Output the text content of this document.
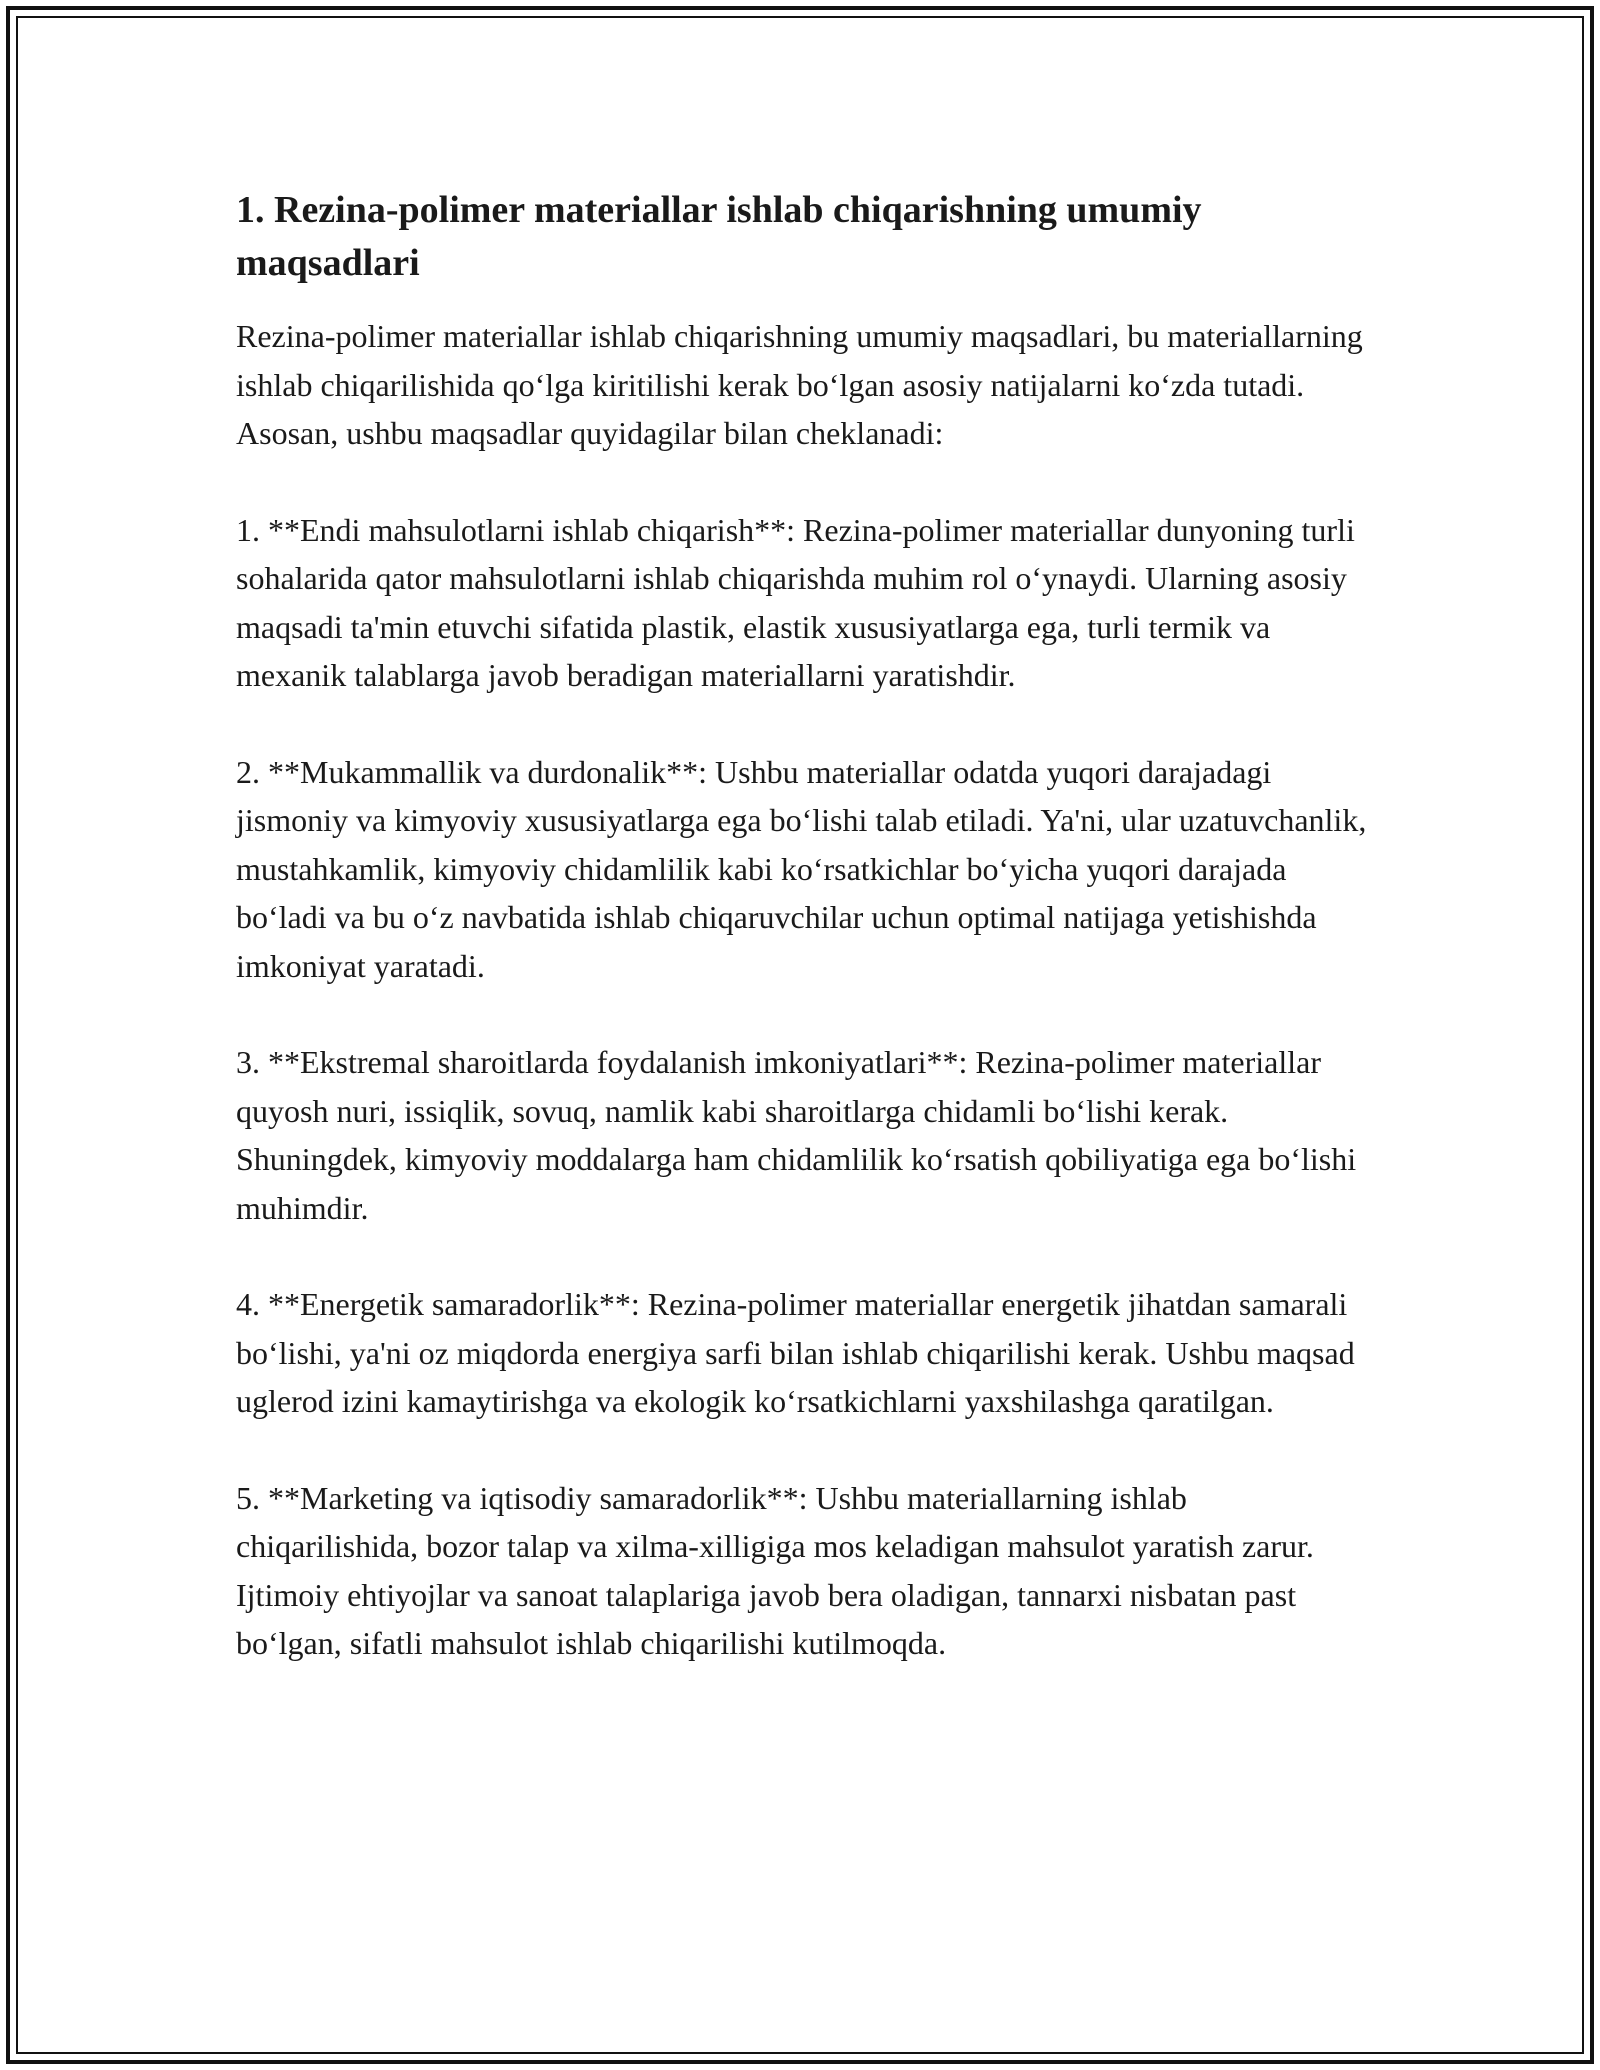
1. Rezina-polimer materiallar ishlab chiqarishning umumiy maqsadlari

Rezina-polimer materiallar ishlab chiqarishning umumiy maqsadlari, bu materiallarning ishlab chiqarilishida qo‘lga kiritilishi kerak bo‘lgan asosiy natijalarni ko‘zda tutadi. Asosan, ushbu maqsadlar quyidagilar bilan cheklanadi:

1. **Endi mahsulotlarni ishlab chiqarish**: Rezina-polimer materiallar dunyoning turli sohalarida qator mahsulotlarni ishlab chiqarishda muhim rol o‘ynaydi. Ularning asosiy maqsadi ta'min etuvchi sifatida plastik, elastik xususiyatlarga ega, turli termik va mexanik talablarga javob beradigan materiallarni yaratishdir.

2. **Mukammallik va durdonalik**: Ushbu materiallar odatda yuqori darajadagi jismoniy va kimyoviy xususiyatlarga ega bo‘lishi talab etiladi. Ya'ni, ular uzatuvchanlik, mustahkamlik, kimyoviy chidamlilik kabi ko‘rsatkichlar bo‘yicha yuqori darajada bo‘ladi va bu o‘z navbatida ishlab chiqaruvchilar uchun optimal natijaga yetishishda imkoniyat yaratadi.

3. **Ekstremal sharoitlarda foydalanish imkoniyatlari**: Rezina-polimer materiallar quyosh nuri, issiqlik, sovuq, namlik kabi sharoitlarga chidamli bo‘lishi kerak. Shuningdek, kimyoviy moddalarga ham chidamlilik ko‘rsatish qobiliyatiga ega bo‘lishi muhimdir.

4. **Energetik samaradorlik**: Rezina-polimer materiallar energetik jihatdan samarali bo‘lishi, ya'ni oz miqdorda energiya sarfi bilan ishlab chiqarilishi kerak. Ushbu maqsad uglerod izini kamaytirishga va ekologik ko‘rsatkichlarni yaxshilashga qaratilgan.

5. **Marketing va iqtisodiy samaradorlik**: Ushbu materiallarning ishlab chiqarilishida, bozor talap va xilma-xilligiga mos keladigan mahsulot yaratish zarur. Ijtimoiy ehtiyojlar va sanoat talaplariga javob bera oladigan, tannarxi nisbatan past bo‘lgan, sifatli mahsulot ishlab chiqarilishi kutilmoqda.
